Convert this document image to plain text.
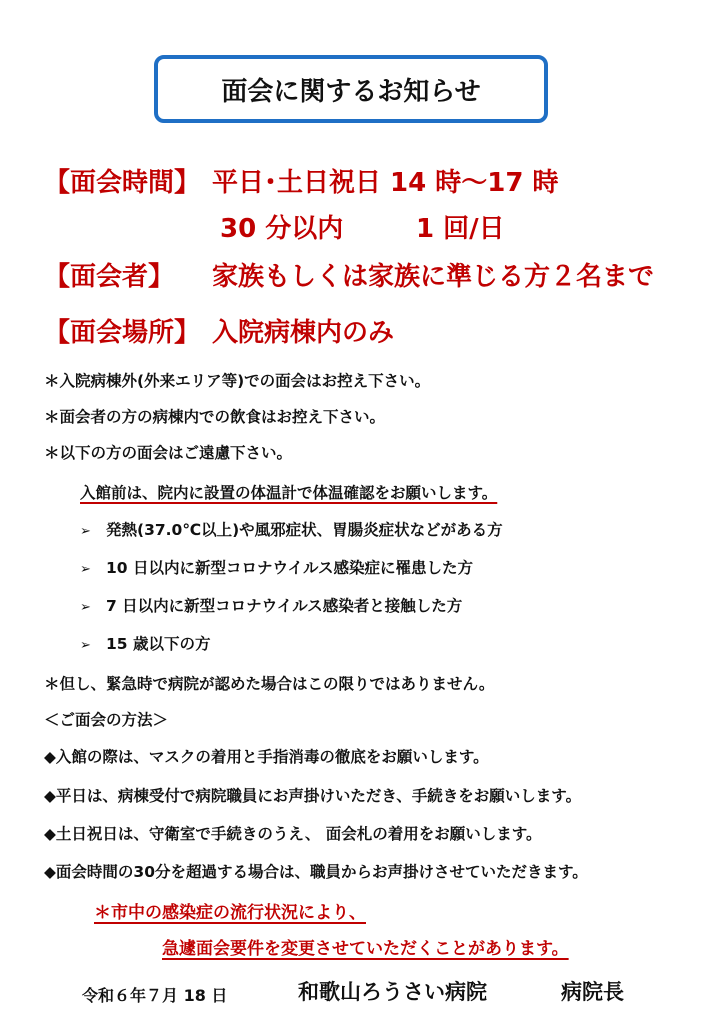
面会に関するお知らせ
【面会時間】 平日･土日祝日 14 時～17 時
30 分以内	1 回/日
【面会者】 家族もしくは家族に準じる方２名まで
【面会場所】 入院病棟内のみ
＊入院病棟外(外来エリア等)での面会はお控え下さい。
＊面会者の方の病棟内での飲食はお控え下さい。
＊以下の方の面会はご遠慮下さい。
入館前は、院内に設置の体温計で体温確認をお願いします。
➢ 発熱(37.0℃以上)や風邪症状、胃腸炎症状などがある方
➢ 10 日以内に新型コロナウイルス感染症に罹患した方
➢ 7 日以内に新型コロナウイルス感染者と接触した方
➢ 15 歳以下の方
＊但し、緊急時で病院が認めた場合はこの限りではありません。
＜ご面会の方法＞
◆入館の際は、マスクの着用と手指消毒の徹底をお願いします。
◆平日は、病棟受付で病院職員にお声掛けいただき、手続きをお願いします。
◆土日祝日は、守衛室で手続きのうえ、 面会札の着用をお願いします。
◆面会時間の30分を超過する場合は、職員からお声掛けさせていただきます。
＊市中の感染症の流行状況により、
急遽面会要件を変更させていただくことがあります。
令和６年７月 18 日	和歌山ろうさい病院	病院長
